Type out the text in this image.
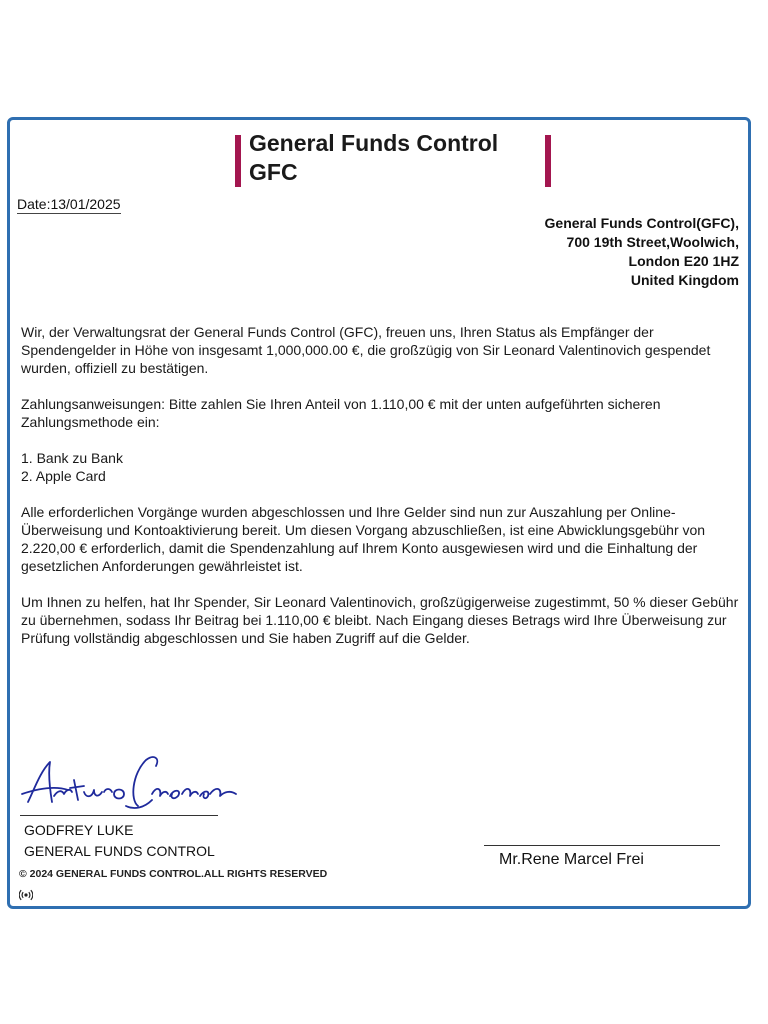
General Funds Control
GFC
Date:13/01/2025
General Funds Control(GFC),
700 19th Street,Woolwich,
London E20 1HZ
United Kingdom

Wir, der Verwaltungsrat der General Funds Control (GFC), freuen uns, Ihren Status als Empfänger der Spendengelder in Höhe von insgesamt 1,000,000.00 €, die großzügig von Sir Leonard Valentinovich gespendet wurden, offiziell zu bestätigen.

Zahlungsanweisungen: Bitte zahlen Sie Ihren Anteil von 1.110,00 € mit der unten aufgeführten sicheren Zahlungsmethode ein:

1. Bank zu Bank
2. Apple Card

Alle erforderlichen Vorgänge wurden abgeschlossen und Ihre Gelder sind nun zur Auszahlung per Online-Überweisung und Kontoaktivierung bereit. Um diesen Vorgang abzuschließen, ist eine Abwicklungsgebühr von 2.220,00 € erforderlich, damit die Spendenzahlung auf Ihrem Konto ausgewiesen wird und die Einhaltung der gesetzlichen Anforderungen gewährleistet ist.

Um Ihnen zu helfen, hat Ihr Spender, Sir Leonard Valentinovich, großzügigerweise zugestimmt, 50 % dieser Gebühr zu übernehmen, sodass Ihr Beitrag bei 1.110,00 € bleibt. Nach Eingang dieses Betrags wird Ihre Überweisung zur Prüfung vollständig abgeschlossen und Sie haben Zugriff auf die Gelder.

GODFREY LUKE
GENERAL FUNDS CONTROL	Mr.Rene Marcel Frei
© 2024 GENERAL FUNDS CONTROL.ALL RIGHTS RESERVED
